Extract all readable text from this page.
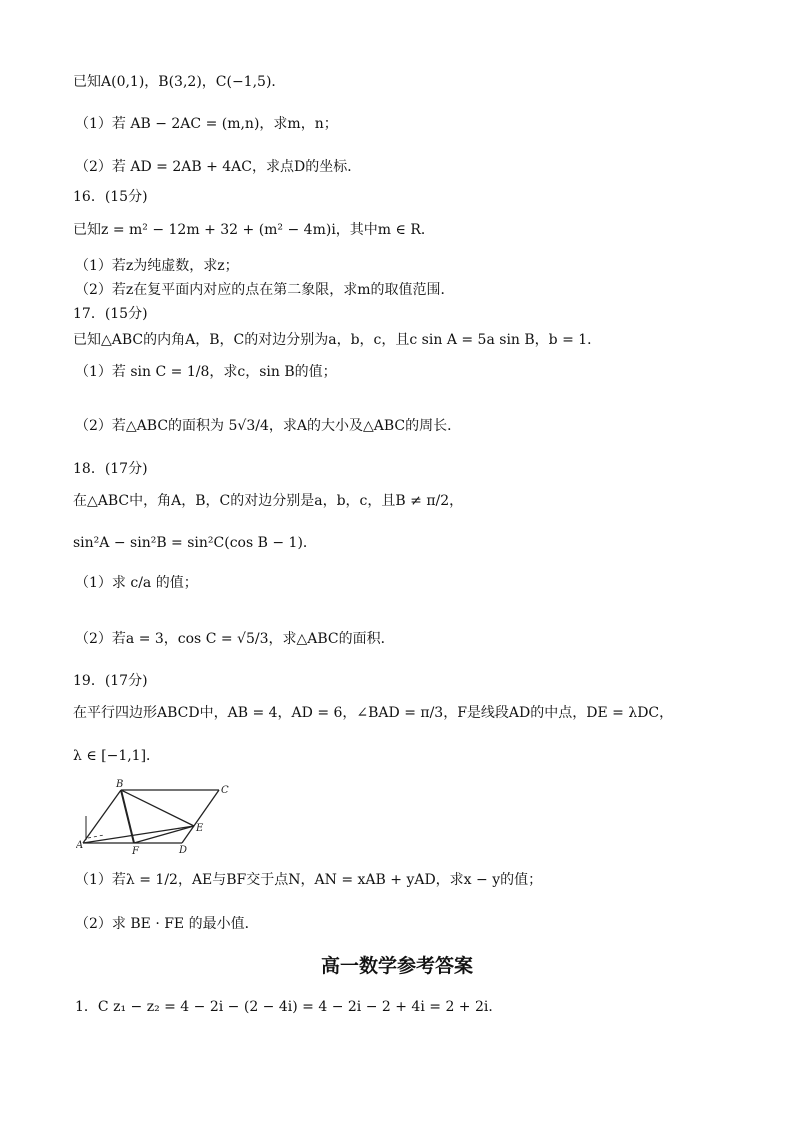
已知A(0,1)，B(3,2)，C(−1,5)．
（1）若 AB − 2AC = (m,n)，求m，n；
（2）若 AD = 2AB + 4AC，求点D的坐标．
16．(15分)
已知z = m² − 12m + 32 + (m² − 4m)i，其中m ∈ R．
（1）若z为纯虚数，求z；
（2）若z在复平面内对应的点在第二象限，求m的取值范围．
17．(15分)
已知△ABC的内角A，B，C的对边分别为a，b，c，且c sin A = 5a sin B，b = 1．
（1）若 sin C = 1/8，求c，sin B的值；
（2）若△ABC的面积为 5√3/4，求A的大小及△ABC的周长．
18．(17分)
在△ABC中，角A，B，C的对边分别是a，b，c，且B ≠ π/2，
sin²A − sin²B = sin²C(cos B − 1)．
（1）求 c/a 的值；
（2）若a = 3，cos C = √5/3，求△ABC的面积．
19．(17分)
在平行四边形ABCD中，AB = 4，AD = 6，∠BAD = π/3，F是线段AD的中点，DE = λDC，
λ ∈ [−1,1]．
A
B
C
D
E
F
（1）若λ = 1/2，AE与BF交于点N，AN = xAB + yAD，求x − y的值；
（2）求 BE · FE 的最小值．
高一数学参考答案
1．C z₁ − z₂ = 4 − 2i − (2 − 4i) = 4 − 2i − 2 + 4i = 2 + 2i．
